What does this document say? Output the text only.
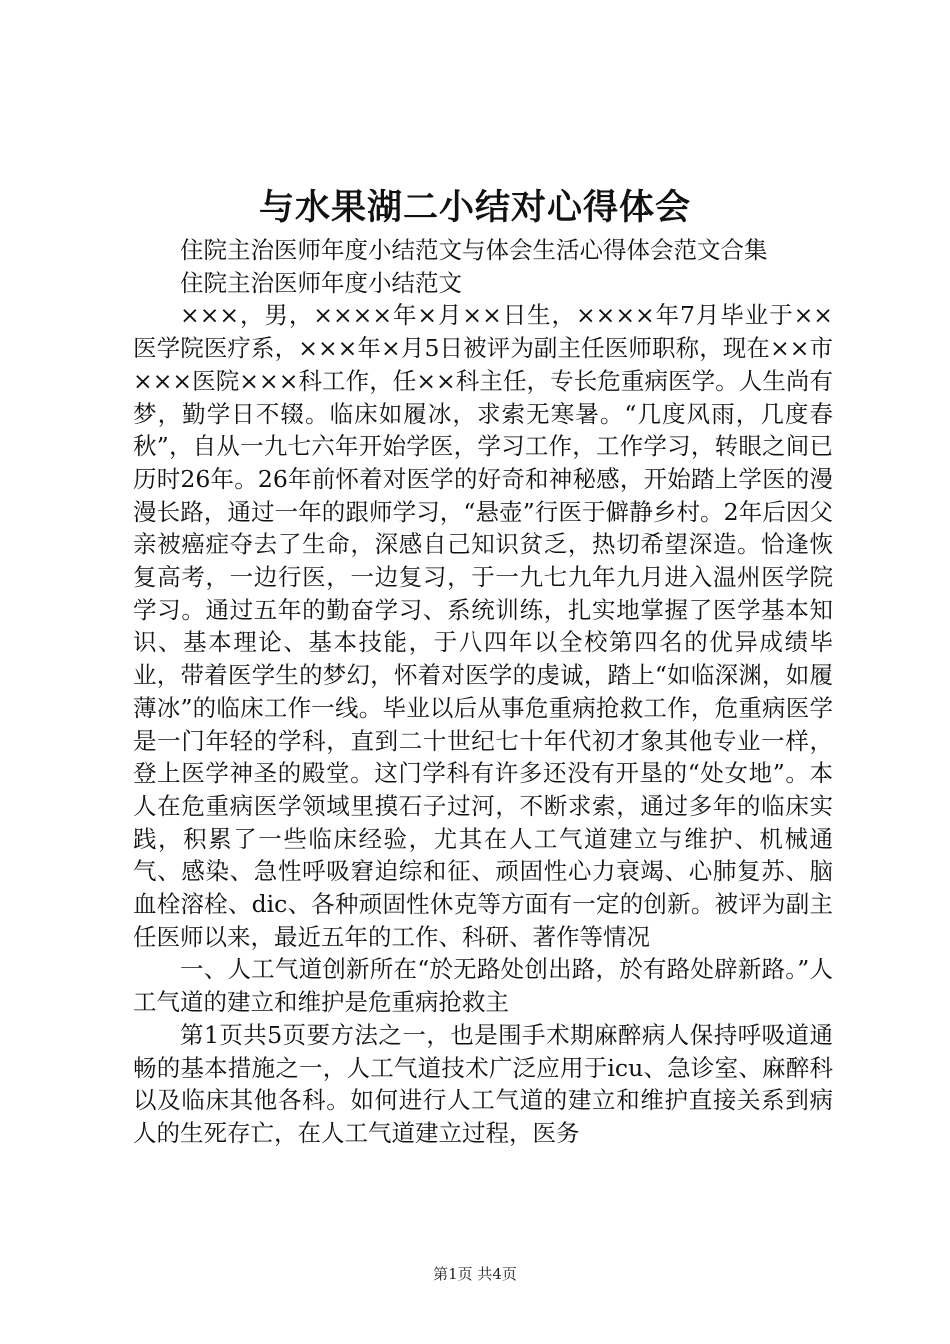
与水果湖二小结对心得体会

住院主治医师年度小结范文与体会生活心得体会范文合集

住院主治医师年度小结范文

×××，男，××××年×月××日生，××××年7月毕业于××医学院医疗系，×××年×月5日被评为副主任医师职称，现在××市×××医院×××科工作，任××科主任，专长危重病医学。人生尚有梦，勤学日不辍。临床如履冰，求索无寒暑。“几度风雨，几度春秋”，自从一九七六年开始学医，学习工作，工作学习，转眼之间已历时26年。26年前怀着对医学的好奇和神秘感，开始踏上学医的漫漫长路，通过一年的跟师学习，“悬壶”行医于僻静乡村。2年后因父亲被癌症夺去了生命，深感自己知识贫乏，热切希望深造。恰逢恢复高考，一边行医，一边复习，于一九七九年九月进入温州医学院学习。通过五年的勤奋学习、系统训练，扎实地掌握了医学基本知识、基本理论、基本技能，于八四年以全校第四名的优异成绩毕业，带着医学生的梦幻，怀着对医学的虔诚，踏上“如临深渊，如履薄冰”的临床工作一线。毕业以后从事危重病抢救工作，危重病医学是一门年轻的学科，直到二十世纪七十年代初才象其他专业一样，登上医学神圣的殿堂。这门学科有许多还没有开垦的“处女地”。本人在危重病医学领域里摸石子过河，不断求索，通过多年的临床实践，积累了一些临床经验，尤其在人工气道建立与维护、机械通气、感染、急性呼吸窘迫综和征、顽固性心力衰竭、心肺复苏、脑血栓溶栓、dic、各种顽固性休克等方面有一定的创新。被评为副主任医师以来，最近五年的工作、科研、著作等情况

一、人工气道创新所在“於无路处创出路，於有路处辟新路。”人工气道的建立和维护是危重病抢救主

第1页共5页要方法之一，也是围手术期麻醉病人保持呼吸道通畅的基本措施之一，人工气道技术广泛应用于icu、急诊室、麻醉科以及临床其他各科。如何进行人工气道的建立和维护直接关系到病人的生死存亡，在人工气道建立过程，医务

第1页 共4页
